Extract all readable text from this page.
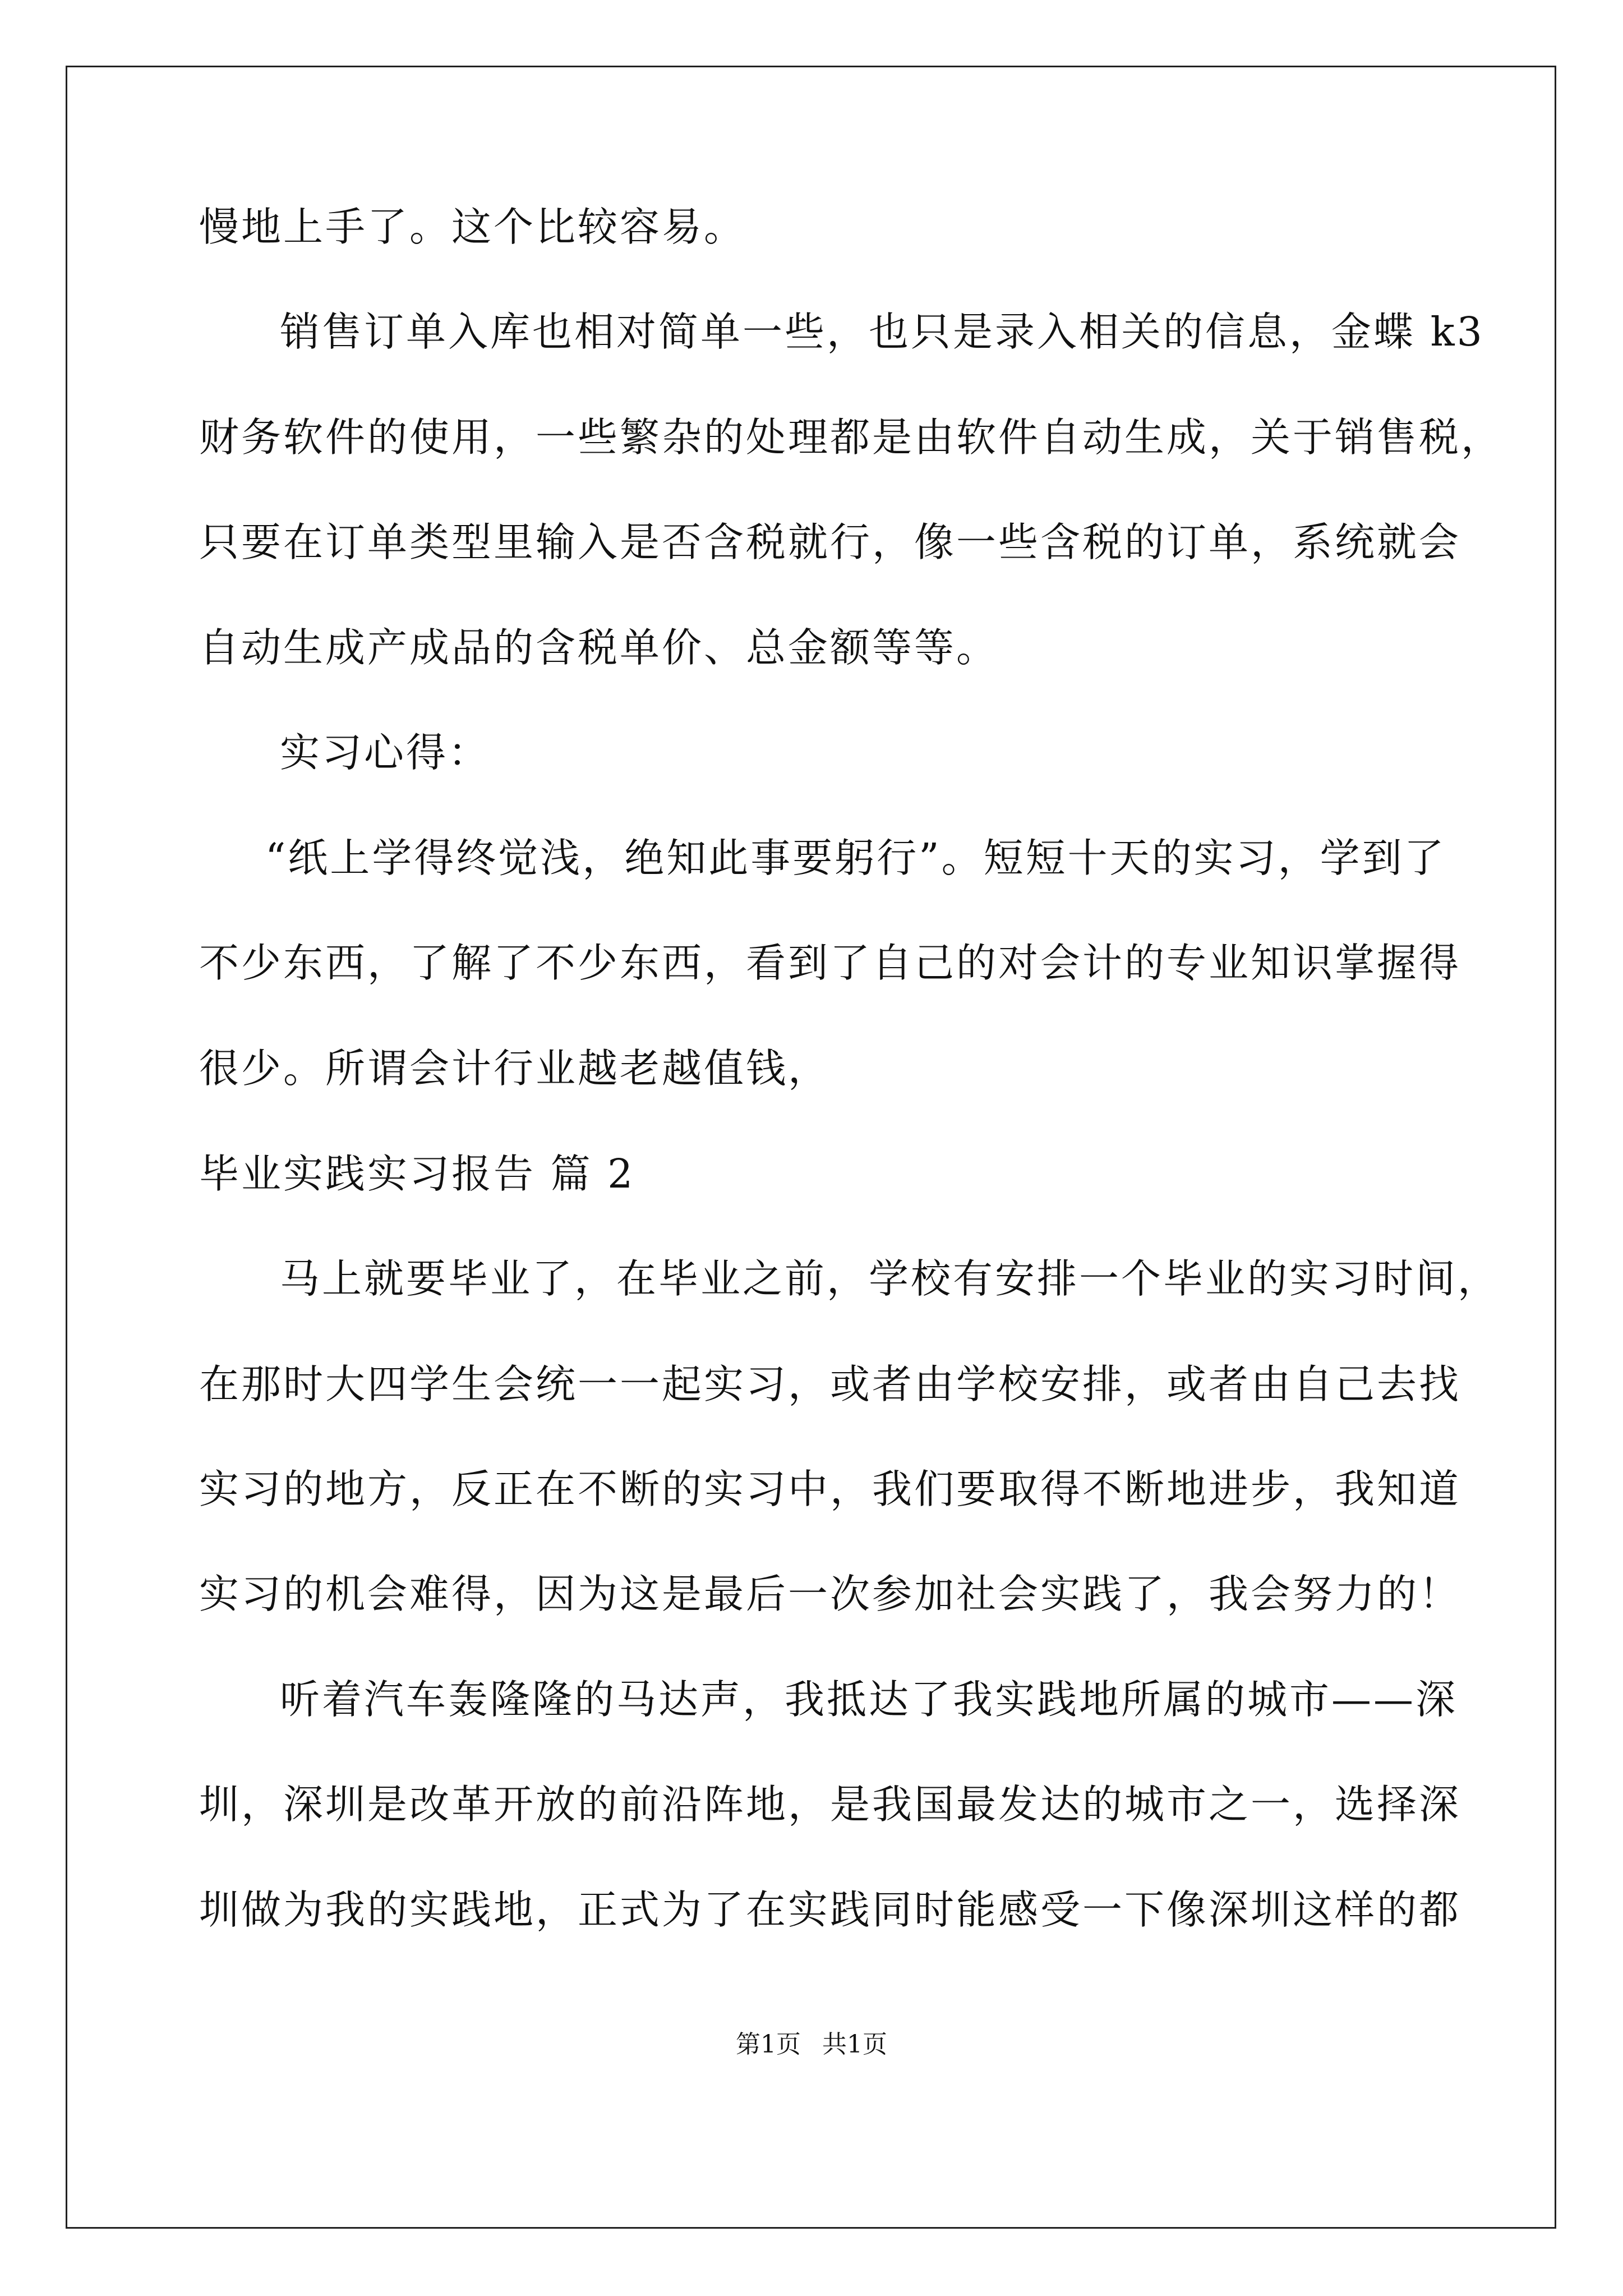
慢地上手了。这个比较容易。
销售订单入库也相对简单一些，也只是录入相关的信息，金蝶 k3
财务软件的使用，一些繁杂的处理都是由软件自动生成，关于销售税，
只要在订单类型里输入是否含税就行，像一些含税的订单，系统就会
自动生成产成品的含税单价、总金额等等。
实习心得：
“纸上学得终觉浅，绝知此事要躬行”。短短十天的实习，学到了
不少东西，了解了不少东西，看到了自己的对会计的专业知识掌握得
很少。所谓会计行业越老越值钱，
毕业实践实习报告 篇 2
马上就要毕业了，在毕业之前，学校有安排一个毕业的实习时间，
在那时大四学生会统一一起实习，或者由学校安排，或者由自己去找
实习的地方，反正在不断的实习中，我们要取得不断地进步，我知道
实习的机会难得，因为这是最后一次参加社会实践了，我会努力的！
听着汽车轰隆隆的马达声，我抵达了我实践地所属的城市——深
圳，深圳是改革开放的前沿阵地，是我国最发达的城市之一，选择深
圳做为我的实践地，正式为了在实践同时能感受一下像深圳这样的都
第1页 共1页
